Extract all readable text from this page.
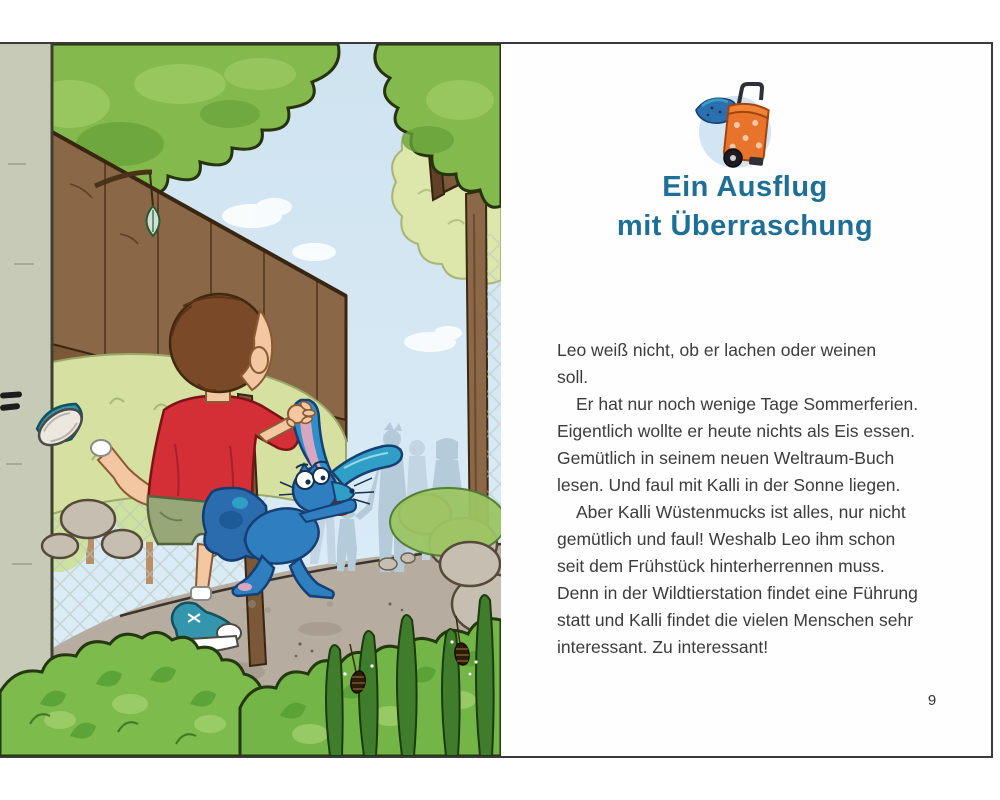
Ein Ausflug
mit Überraschung
Leo weiß nicht, ob er lachen oder weinen
soll.
Er hat nur noch wenige Tage Sommerferien.
Eigentlich wollte er heute nichts als Eis essen.
Gemütlich in seinem neuen Weltraum-Buch
lesen. Und faul mit Kalli in der Sonne liegen.
Aber Kalli Wüstenmucks ist alles, nur nicht
gemütlich und faul! Weshalb Leo ihm schon
seit dem Frühstück hinterherrennen muss.
Denn in der Wildtierstation findet eine Führung
statt und Kalli findet die vielen Menschen sehr
interessant. Zu interessant!
9
